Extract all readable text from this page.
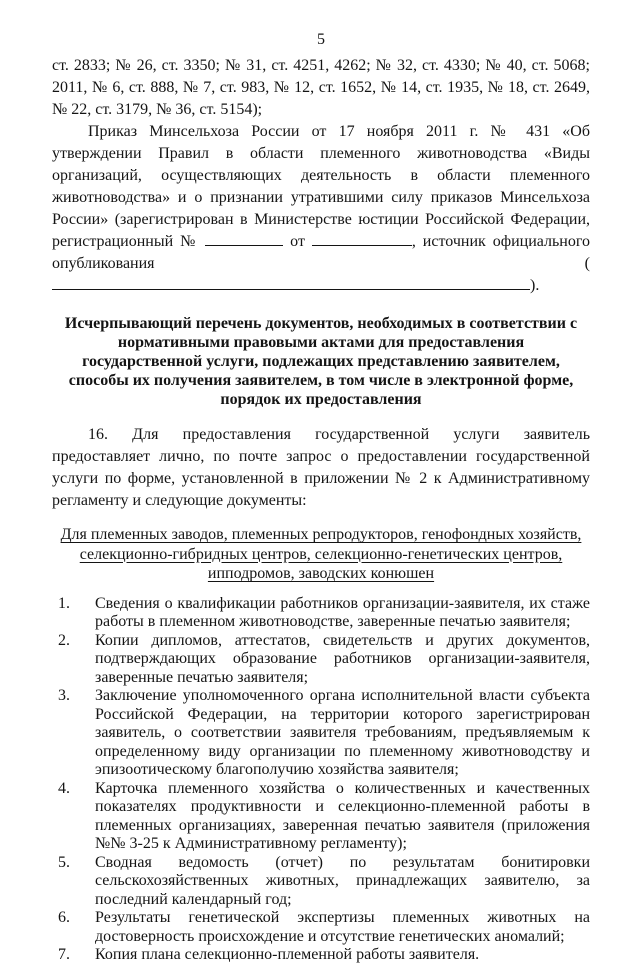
5

ст. 2833; № 26, ст. 3350; № 31, ст. 4251, 4262; № 32, ст. 4330; № 40, ст. 5068; 2011, № 6, ст. 888, № 7, ст. 983, № 12, ст. 1652, № 14, ст. 1935, № 18, ст. 2649, № 22, ст. 3179, № 36, ст. 5154);

Приказ Минсельхоза России от 17 ноября 2011 г. № 431 «Об утверждении Правил в области племенного животноводства «Виды организаций, осуществляющих деятельность в области племенного животноводства» и о признании утратившими силу приказов Минсельхоза России» (зарегистрирован в Министерстве юстиции Российской Федерации, регистрационный №	от	, источник официального опубликования ().

Исчерпывающий перечень документов, необходимых в соответствии с нормативными правовыми актами для предоставления государственной услуги, подлежащих представлению заявителем, способы их получения заявителем, в том числе в электронной форме, порядок их предоставления

16. Для предоставления государственной услуги заявитель предоставляет лично, по почте запрос о предоставлении государственной услуги по форме, установленной в приложении № 2 к Административному регламенту и следующие документы:

Для племенных заводов, племенных репродукторов, генофондных хозяйств, селекционно-гибридных центров, селекционно-генетических центров, ипподромов, заводских конюшен
1.	Сведения о квалификации работников организации-заявителя, их стаже работы в племенном животноводстве, заверенные печатью заявителя;
2.	Копии дипломов, аттестатов, свидетельств и других документов, подтверждающих образование работников организации-заявителя, заверенные печатью заявителя;
3.	Заключение уполномоченного органа исполнительной власти субъекта Российской Федерации, на территории которого зарегистрирован заявитель, о соответствии заявителя требованиям, предъявляемым к определенному виду организации по племенному животноводству и эпизоотическому благополучию хозяйства заявителя;
4.	Карточка племенного хозяйства о количественных и качественных показателях продуктивности и селекционно-племенной работы в племенных организациях, заверенная печатью заявителя (приложения №№ 3-25 к Административному регламенту);
5.	Сводная ведомость (отчет) по результатам бонитировки сельскохозяйственных животных, принадлежащих заявителю, за последний календарный год;
6.	Результаты генетической экспертизы племенных животных на достоверность происхождение и отсутствие генетических аномалий;
7.	Копия плана селекционно-племенной работы заявителя.
